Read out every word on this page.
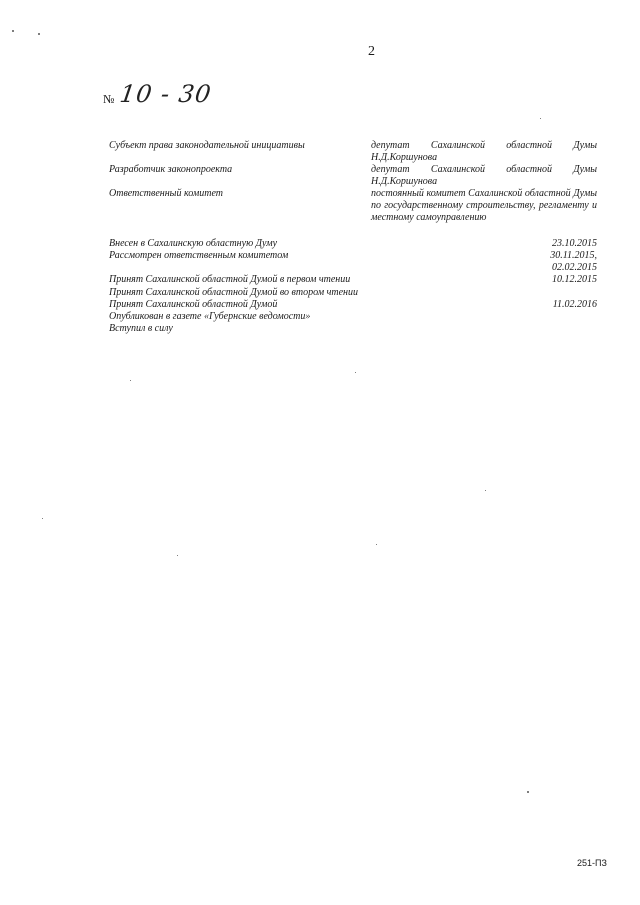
2
№ 10 - 30
Субъект права законодательной инициативы	депутат Сахалинской областной Думы Н.Д.Коршунова
Разработчик законопроекта	депутат Сахалинской областной Думы Н.Д.Коршунова
Ответственный комитет	постоянный комитет Сахалинской областной Думы по государственному строительству, регламенту и местному самоуправлению
Внесен в Сахалинскую областную Думу	23.10.2015
Рассмотрен ответственным комитетом	30.11.2015,
02.02.2015
Принят Сахалинской областной Думой в первом чтении	10.12.2015
Принят Сахалинской областной Думой во втором чтении
Принят Сахалинской областной Думой	11.02.2016
Опубликован в газете «Губернские ведомости»
Вступил в силу
251-ПЗ
